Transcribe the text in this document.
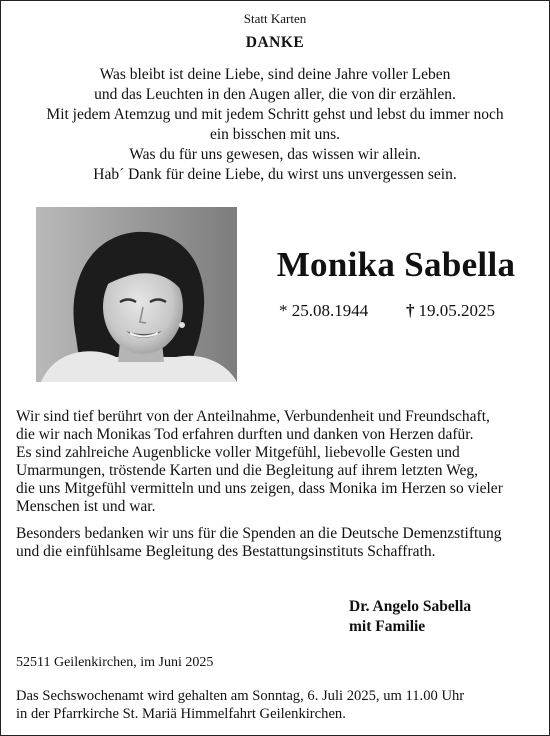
Statt Karten
DANKE
Was bleibt ist deine Liebe, sind deine Jahre voller Leben
und das Leuchten in den Augen aller, die von dir erzählen.
Mit jedem Atemzug und mit jedem Schritt gehst und lebst du immer noch
ein bisschen mit uns.
Was du für uns gewesen, das wissen wir allein.
Hab´ Dank für deine Liebe, du wirst uns unvergessen sein.
Monika Sabella
* 25.08.1944 † 19.05.2025
Wir sind tief berührt von der Anteilnahme, Verbundenheit und Freundschaft,
die wir nach Monikas Tod erfahren durften und danken von Herzen dafür.
Es sind zahlreiche Augenblicke voller Mitgefühl, liebevolle Gesten und
Umarmungen, tröstende Karten und die Begleitung auf ihrem letzten Weg,
die uns Mitgefühl vermitteln und uns zeigen, dass Monika im Herzen so vieler
Menschen ist und war.
Besonders bedanken wir uns für die Spenden an die Deutsche Demenzstiftung
und die einfühlsame Begleitung des Bestattungsinstituts Schaffrath.
Dr. Angelo Sabella
mit Familie
52511 Geilenkirchen, im Juni 2025
Das Sechswochenamt wird gehalten am Sonntag, 6. Juli 2025, um 11.00 Uhr
in der Pfarrkirche St. Mariä Himmelfahrt Geilenkirchen.
